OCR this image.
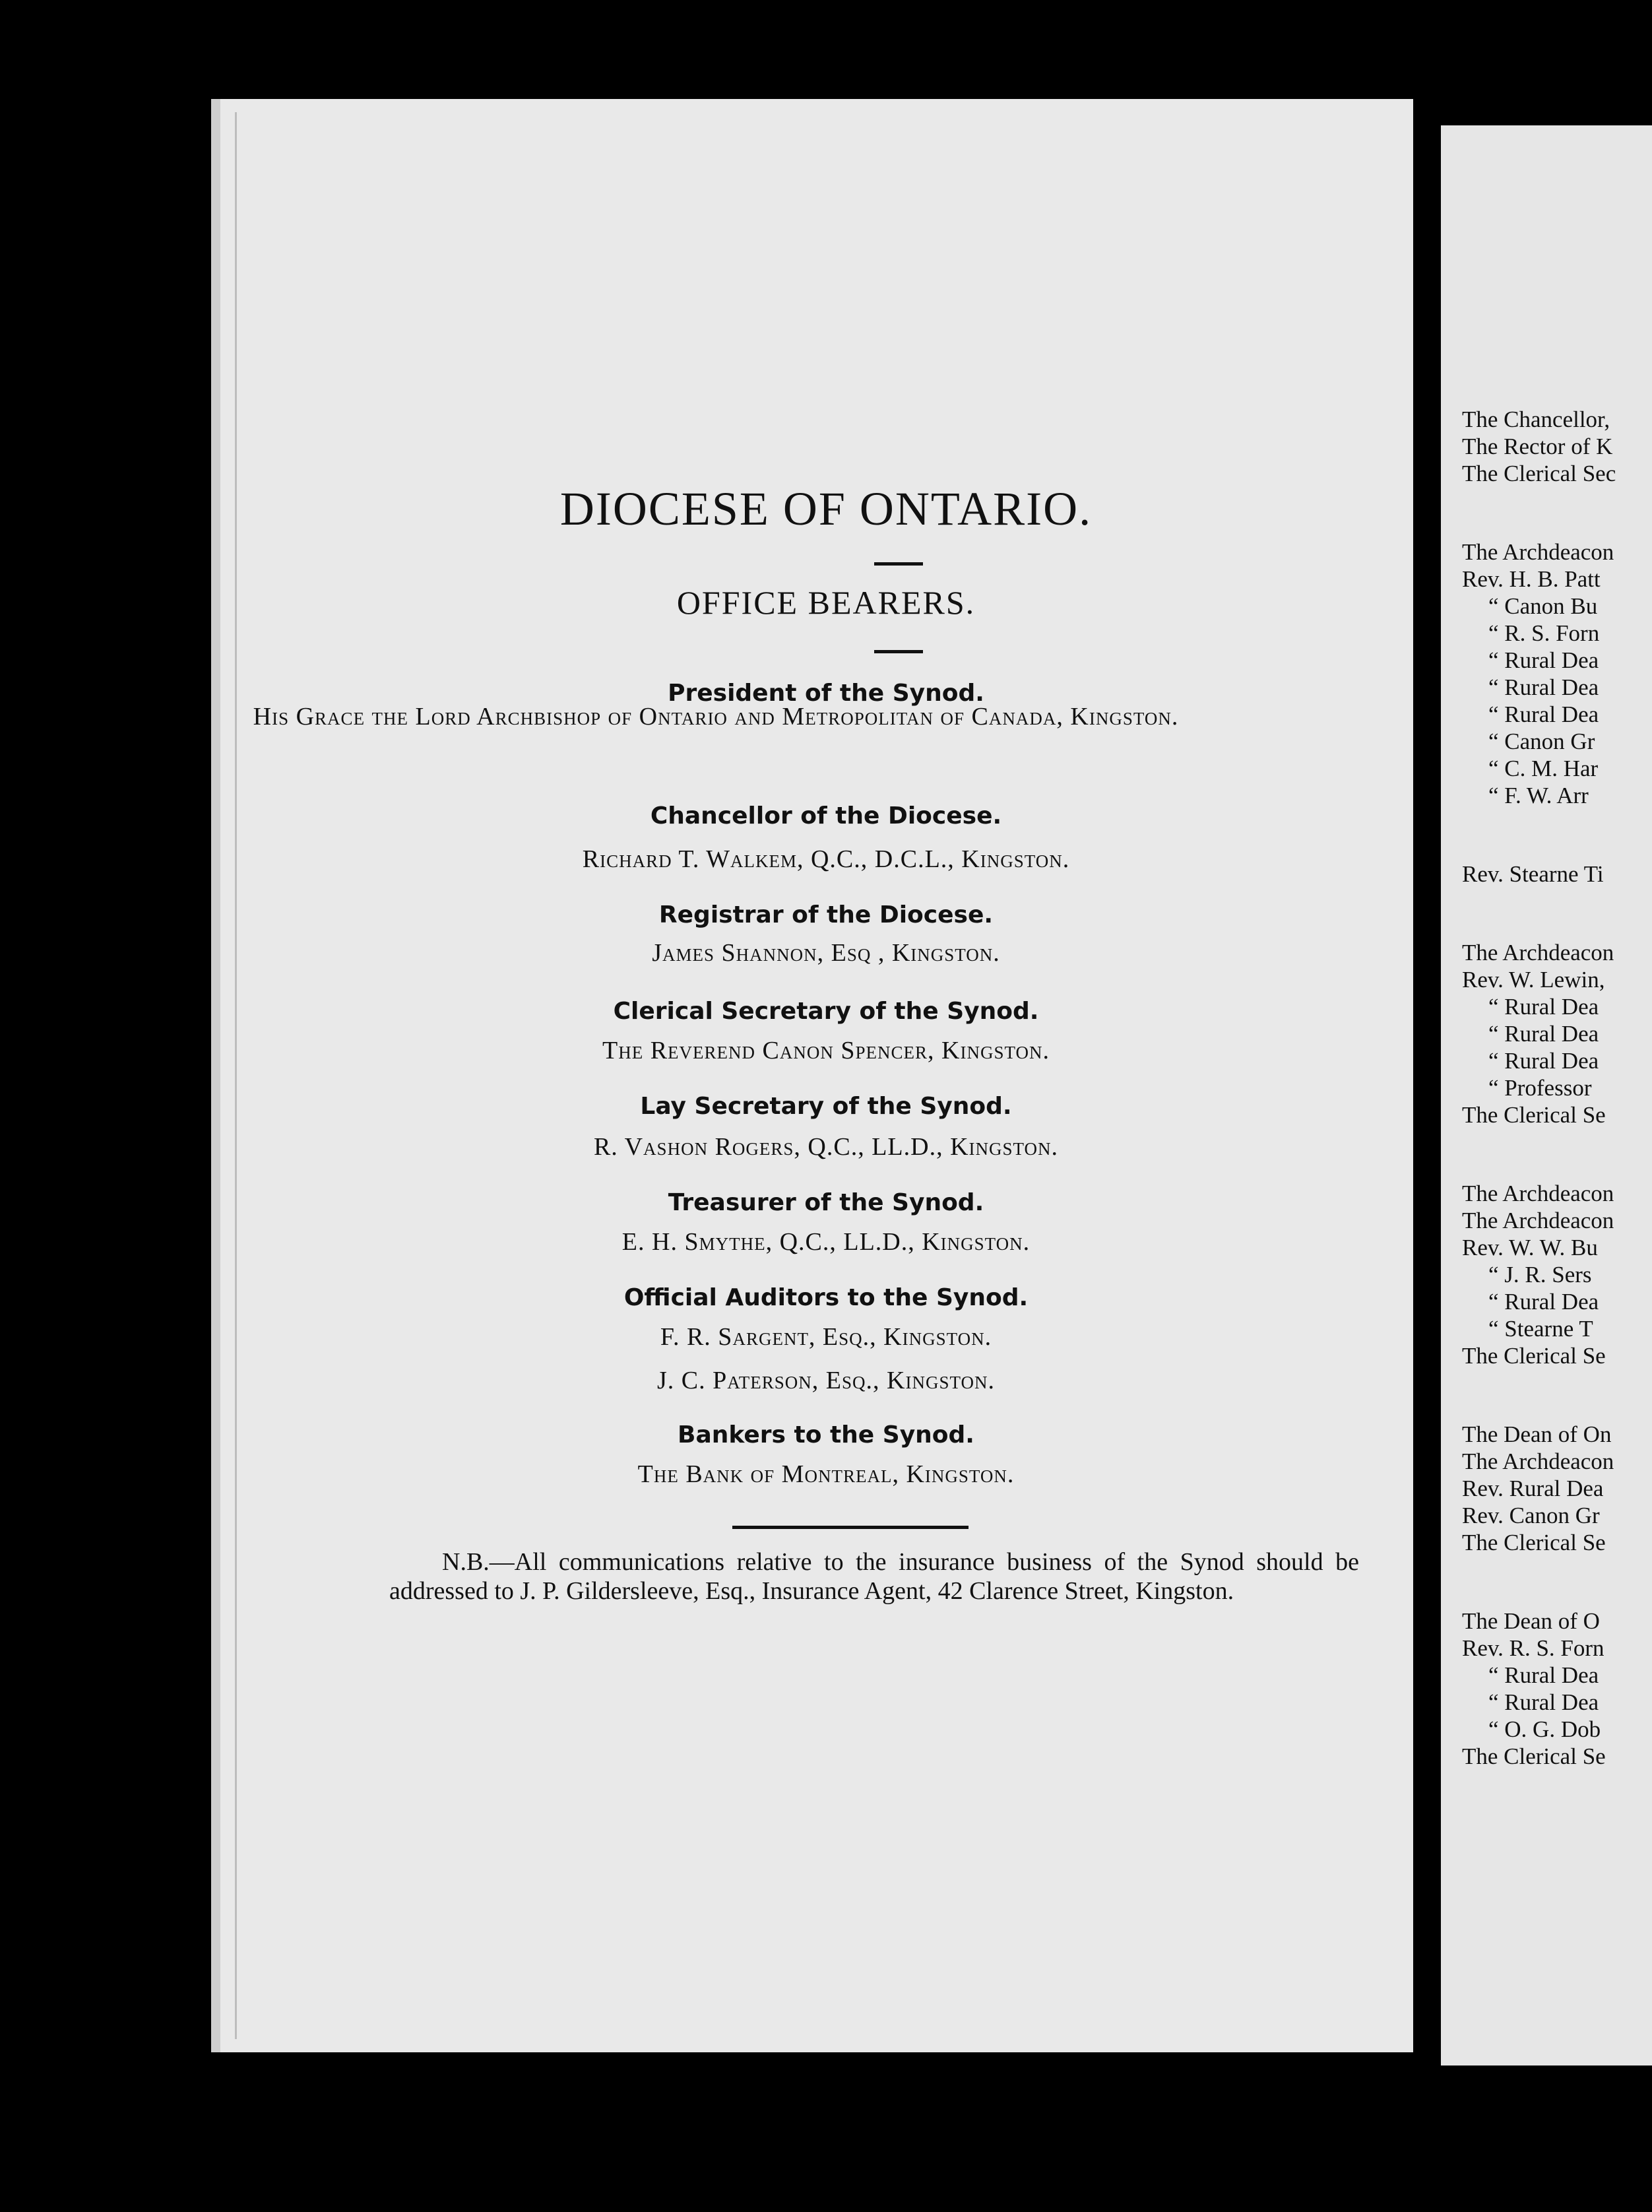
DIOCESE OF ONTARIO.
OFFICE BEARERS.
President of the Synod.
His Grace the Lord Archbishop of Ontario and Metropolitan of Canada, Kingston.
Chancellor of the Diocese.
Richard T. Walkem, Q.C., D.C.L., Kingston.
Registrar of the Diocese.
James Shannon, Esq , Kingston.
Clerical Secretary of the Synod.
The Reverend Canon Spencer, Kingston.
Lay Secretary of the Synod.
R. Vashon Rogers, Q.C., LL.D., Kingston.
Treasurer of the Synod.
E. H. Smythe, Q.C., LL.D., Kingston.
Official Auditors to the Synod.
F. R. Sargent, Esq., Kingston.
J. C. Paterson, Esq., Kingston.
Bankers to the Synod.
The Bank of Montreal, Kingston.
N.B.—All communications relative to the insurance business of the Synod should be addressed to J. P. Gildersleeve, Esq., Insurance Agent, 42 Clarence Street, Kingston.
The Chancellor,
The Rector of K
The Clerical Sec
The Archdeacon
Rev. H. B. Patt
“ Canon Bu
“ R. S. Forn
“ Rural Dea
“ Rural Dea
“ Rural Dea
“ Canon Gr
“ C. M. Har
“ F. W. Arr
Rev. Stearne Ti
The Archdeacon
Rev. W. Lewin,
“ Rural Dea
“ Rural Dea
“ Rural Dea
“ Professor
The Clerical Se
The Archdeacon
The Archdeacon
Rev. W. W. Bu
“ J. R. Sers
“ Rural Dea
“ Stearne T
The Clerical Se
The Dean of On
The Archdeacon
Rev. Rural Dea
Rev. Canon Gr
The Clerical Se
The Dean of O
Rev. R. S. Forn
“ Rural Dea
“ Rural Dea
“ O. G. Dob
The Clerical Se
